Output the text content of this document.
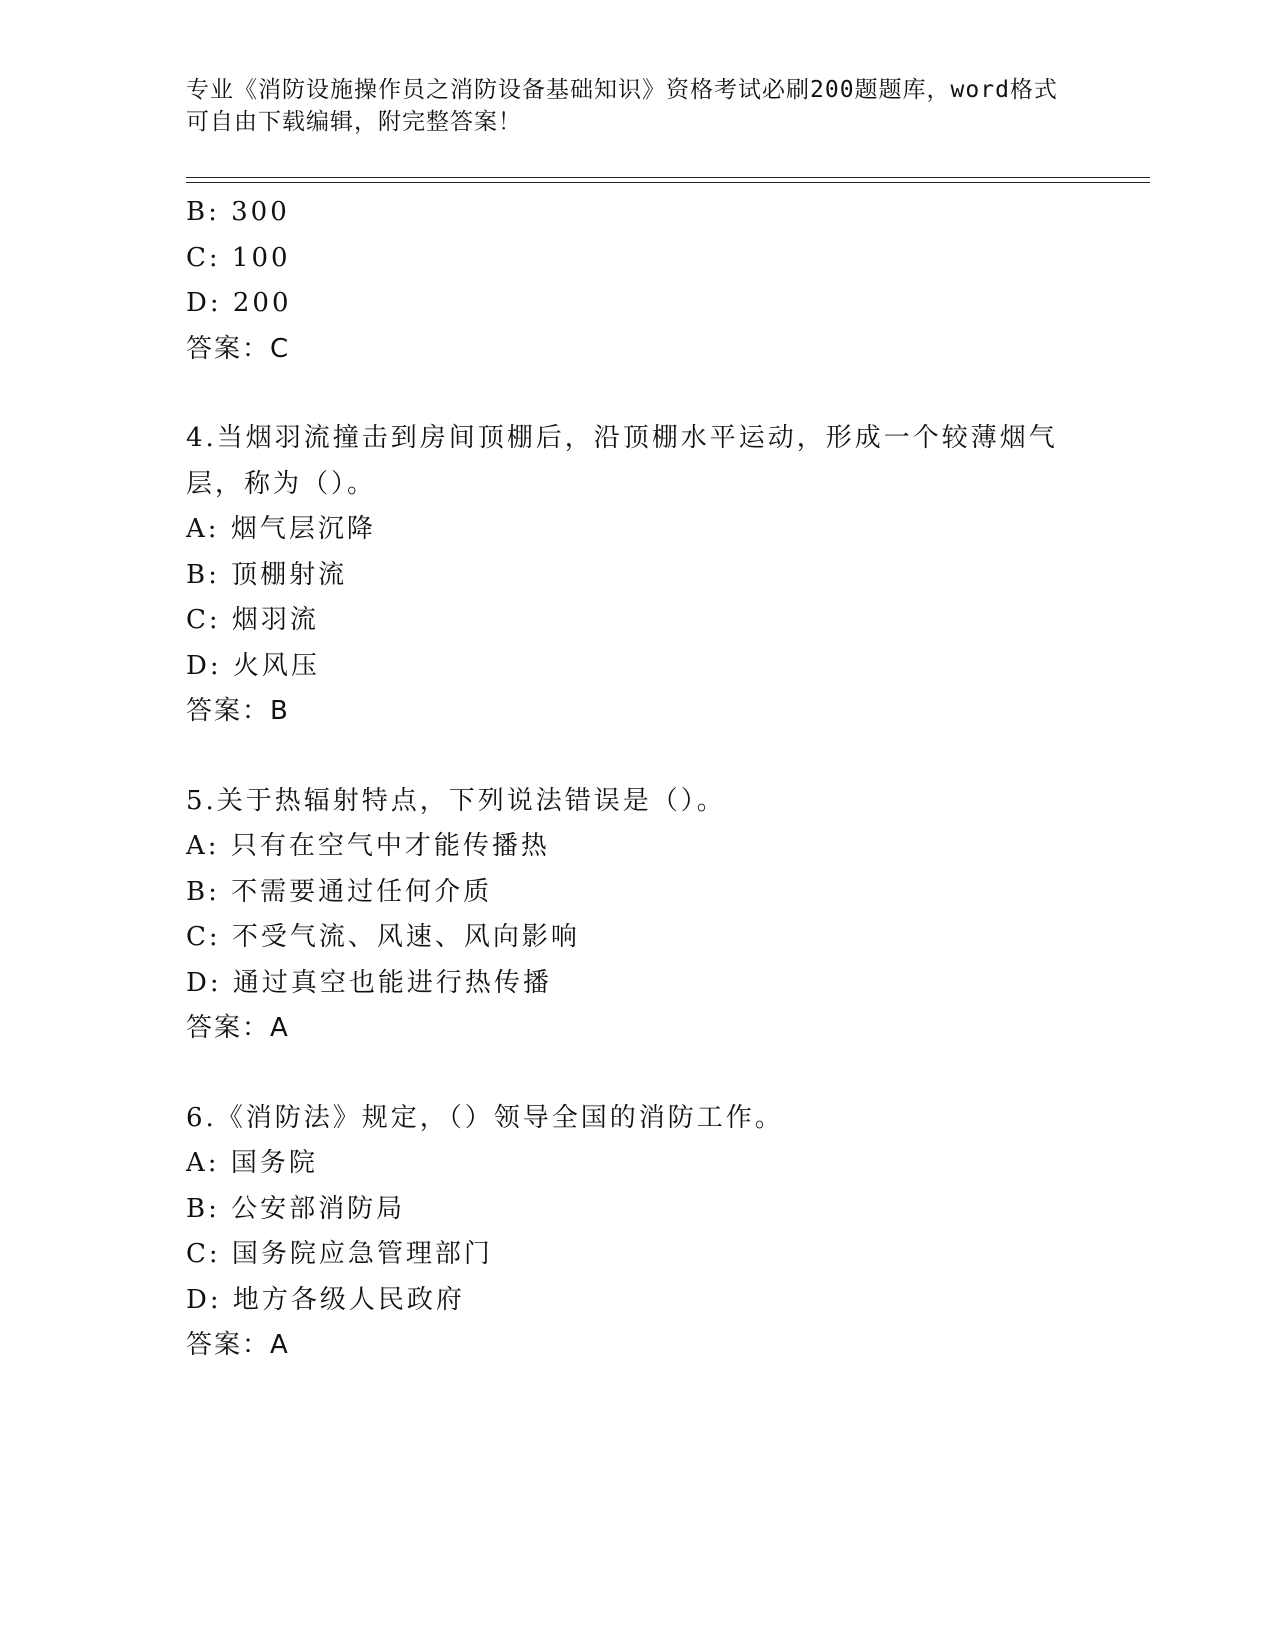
专业《消防设施操作员之消防设备基础知识》资格考试必刷200题题库，word格式可自由下载编辑，附完整答案！
B: 300
C: 100
D: 200
答案：C
4.当烟羽流撞击到房间顶棚后，沿顶棚水平运动，形成一个较薄烟气层，称为（）。
A: 烟气层沉降
B: 顶棚射流
C: 烟羽流
D: 火风压
答案：B
5.关于热辐射特点，下列说法错误是（）。
A: 只有在空气中才能传播热
B: 不需要通过任何介质
C: 不受气流、风速、风向影响
D: 通过真空也能进行热传播
答案：A
6.《消防法》规定，（）领导全国的消防工作。
A: 国务院
B: 公安部消防局
C: 国务院应急管理部门
D: 地方各级人民政府
答案：A
